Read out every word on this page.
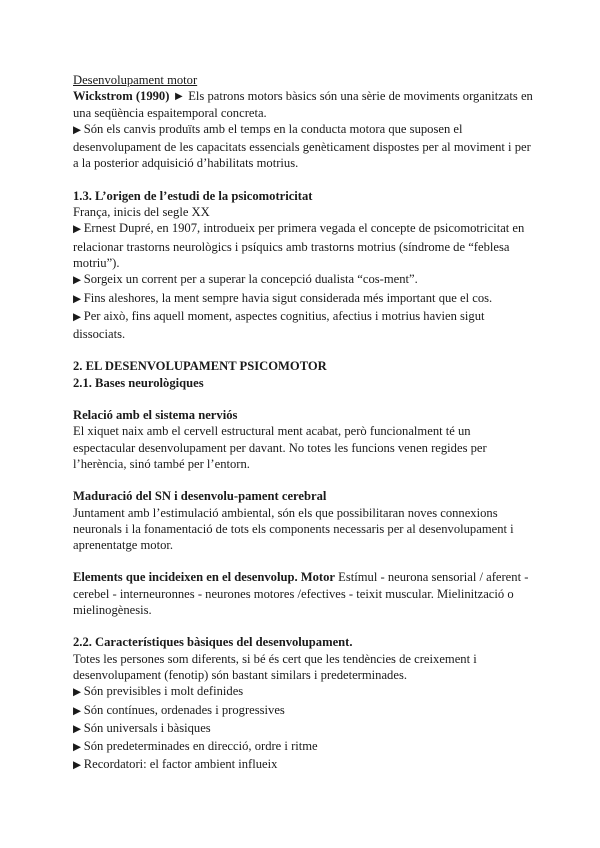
Desenvolupament motor

Wickstrom (1990) ► Els patrons motors bàsics són una sèrie de moviments organitzats en una seqüència espaitemporal concreta.

▶ Són els canvis produïts amb el temps en la conducta motora que suposen el desenvolupament de les capacitats essencials genèticament dispostes per al moviment i per a la posterior adquisició d’habilitats motrius.

1.3. L’origen de l’estudi de la psicomotricitat

França, inicis del segle XX

▶ Ernest Dupré, en 1907, introdueix per primera vegada el concepte de psicomotricitat en relacionar trastorns neurològics i psíquics amb trastorns motrius (síndrome de “feblesa motriu”).

▶ Sorgeix un corrent per a superar la concepció dualista “cos-ment”.

▶ Fins aleshores, la ment sempre havia sigut considerada més important que el cos.

▶ Per això, fins aquell moment, aspectes cognitius, afectius i motrius havien sigut dissociats.

2. EL DESENVOLUPAMENT PSICOMOTOR

2.1. Bases neurològiques

Relació amb el sistema nerviós

El xiquet naix amb el cervell estructural ment acabat, però funcionalment té un espectacular desenvolupament per davant. No totes les funcions venen regides per l’herència, sinó també per l’entorn.

Maduració del SN i desenvolu-pament cerebral

Juntament amb l’estimulació ambiental, són els que possibilitaran noves connexions neuronals i la fonamentació de tots els components necessaris per al desenvolupament i aprenentatge motor.

Elements que incideixen en el desenvolup. Motor Estímul - neurona sensorial / aferent - cerebel - interneuronnes - neurones motores /efectives - teixit muscular. Mielinització o mielinogènesis.

2.2. Característiques bàsiques del desenvolupament.

Totes les persones som diferents, si bé és cert que les tendències de creixement i desenvolupament (fenotip) són bastant similars i predeterminades.

▶ Són previsibles i molt definides

▶ Són contínues, ordenades i progressives

▶ Són universals i bàsiques

▶ Són predeterminades en direcció, ordre i ritme

▶ Recordatori: el factor ambient influeix
